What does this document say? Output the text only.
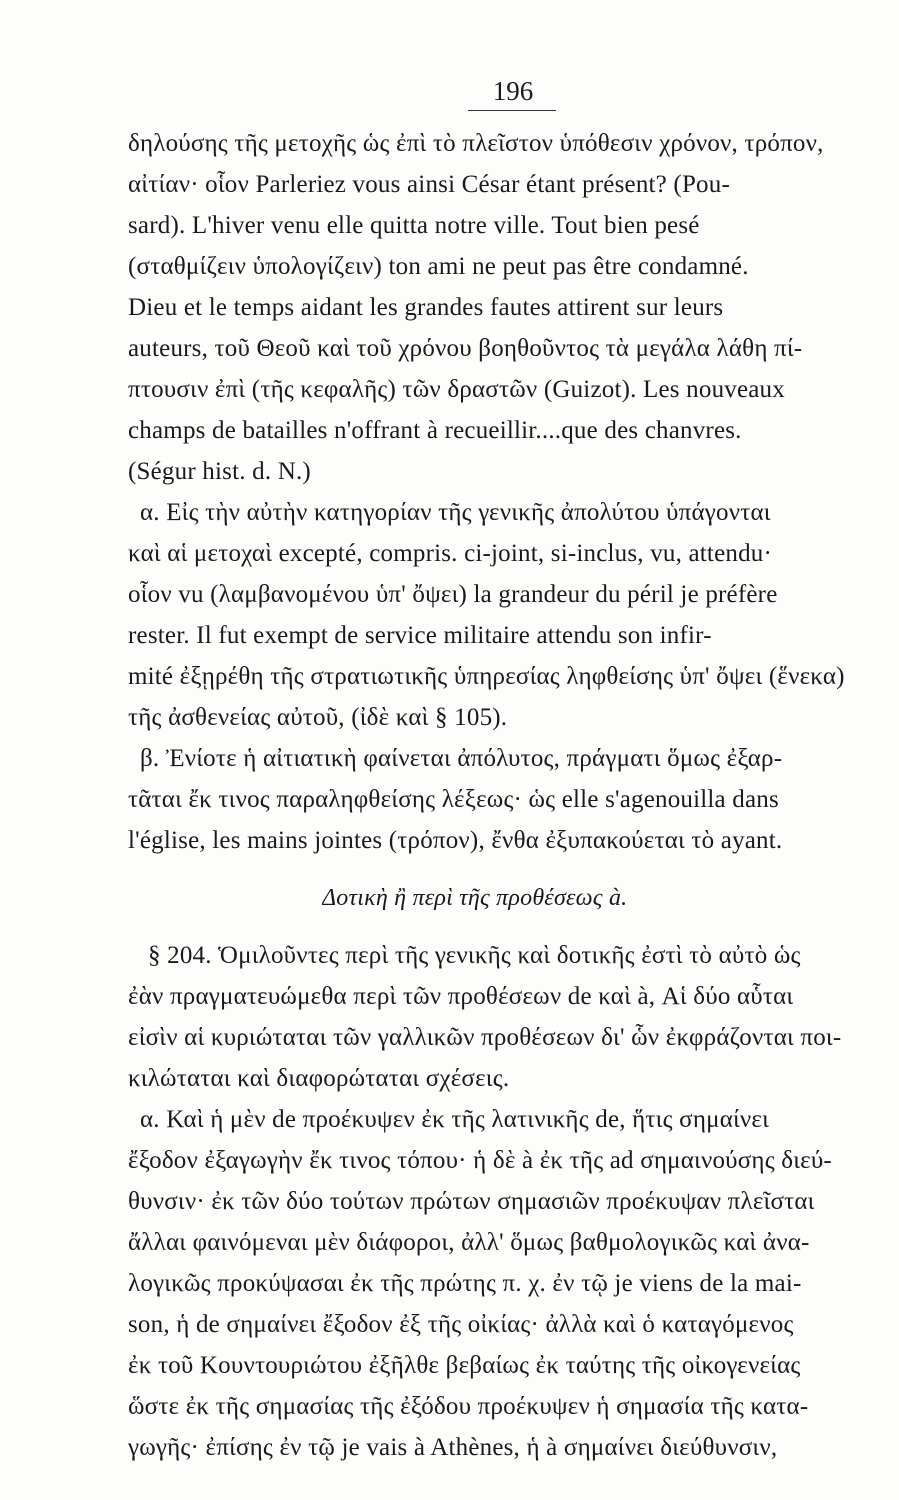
196
δηλούσης τῆς μετοχῆς ὡς ἐπὶ τὸ πλεῖστον ὑπόθεσιν χρόνον, τρόπον,
αἰτίαν· οἷον Parleriez vous ainsi César étant présent? (Pou-
sard). L'hiver venu elle quitta notre ville. Tout bien pesé
(σταθμίζειν ὑπολογίζειν) ton ami ne peut pas être condamné.
Dieu et le temps aidant les grandes fautes attirent sur leurs
auteurs, τοῦ Θεοῦ καὶ τοῦ χρόνου βοηθοῦντος τὰ μεγάλα λάθη πί-
πτουσιν ἐπὶ (τῆς κεφαλῆς) τῶν δραστῶν (Guizot). Les nouveaux
champs de batailles n'offrant à recueillir....que des chanvres.
(Ségur hist. d. N.)
α. Εἰς τὴν αὐτὴν κατηγορίαν τῆς γενικῆς ἀπολύτου ὑπάγονται
καὶ αἱ μετοχαὶ excepté, compris. ci-joint, si-inclus, vu, attendu·
οἷον vu (λαμβανομένου ὑπ' ὄψει) la grandeur du péril je préfère
rester. Il fut exempt de service militaire attendu son infir-
mité ἐξῃρέθη τῆς στρατιωτικῆς ὑπηρεσίας ληφθείσης ὑπ' ὄψει (ἕνεκα)
τῆς ἀσθενείας αὐτοῦ, (ἰδὲ καὶ § 105).
β. Ἐνίοτε ἡ αἰτιατικὴ φαίνεται ἀπόλυτος, πράγματι ὅμως ἐξαρ-
τᾶται ἔκ τινος παραληφθείσης λέξεως· ὡς elle s'agenouilla dans
l'église, les mains jointes (τρόπον), ἔνθα ἐξυπακούεται τὸ ayant.
Δοτικὴ ἢ περὶ τῆς προθέσεως à.
§ 204. Ὁμιλοῦντες περὶ τῆς γενικῆς καὶ δοτικῆς ἐστὶ τὸ αὐτὸ ὡς
ἐὰν πραγματευώμεθα περὶ τῶν προθέσεων de καὶ à, Αἱ δύο αὗται
εἰσὶν αἱ κυριώταται τῶν γαλλικῶν προθέσεων δι' ὧν ἐκφράζονται ποι-
κιλώταται καὶ διαφορώταται σχέσεις.
α. Καὶ ἡ μὲν de προέκυψεν ἐκ τῆς λατινικῆς de, ἥτις σημαίνει
ἔξοδον ἐξαγωγὴν ἔκ τινος τόπου· ἡ δὲ à ἐκ τῆς ad σημαινούσης διεύ-
θυνσιν· ἐκ τῶν δύο τούτων πρώτων σημασιῶν προέκυψαν πλεῖσται
ἄλλαι φαινόμεναι μὲν διάφοροι, ἀλλ' ὅμως βαθμολογικῶς καὶ ἀνα-
λογικῶς προκύψασαι ἐκ τῆς πρώτης π. χ. ἐν τῷ je viens de la mai-
son, ἡ de σημαίνει ἔξοδον ἐξ τῆς οἰκίας· ἀλλὰ καὶ ὁ καταγόμενος
ἐκ τοῦ Κουντουριώτου ἐξῆλθε βεβαίως ἐκ ταύτης τῆς οἰκογενείας
ὥστε ἐκ τῆς σημασίας τῆς ἐξόδου προέκυψεν ἡ σημασία τῆς κατα-
γωγῆς· ἐπίσης ἐν τῷ je vais à Athènes, ἡ à σημαίνει διεύθυνσιν,
